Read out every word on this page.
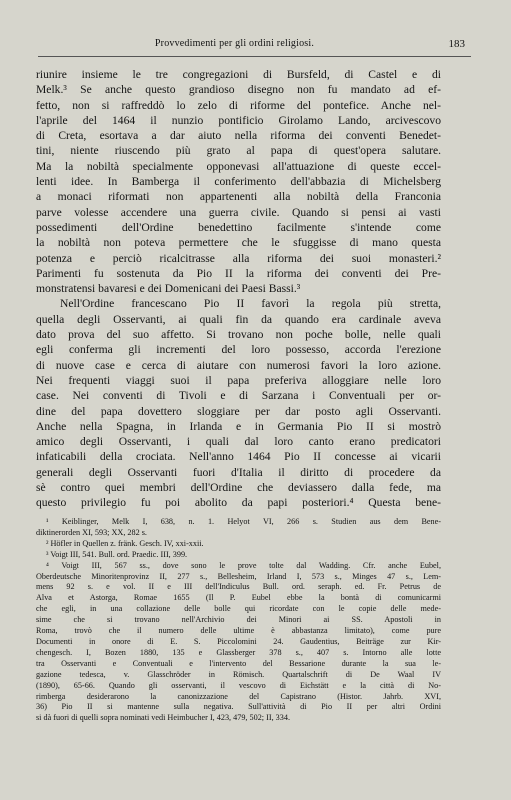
Provvedimenti per gli ordini religiosi.	183
riunire insieme le tre congregazioni di Bursfeld, di Castel e di
Melk.³ Se anche questo grandioso disegno non fu mandato ad ef-
fetto, non si raffreddò lo zelo di riforme del pontefice. Anche nel-
l'aprile del 1464 il nunzio pontificio Girolamo Lando, arcivescovo
di Creta, esortava a dar aiuto nella riforma dei conventi Benedet-
tini, niente riuscendo più grato al papa di quest'opera salutare.
Ma la nobiltà specialmente opponevasi all'attuazione di queste eccel-
lenti idee. In Bamberga il conferimento dell'abbazia di Michelsberg
a monaci riformati non appartenenti alla nobiltà della Franconia
parve volesse accendere una guerra civile. Quando si pensi ai vasti
possedimenti dell'Ordine benedettino facilmente s'intende come
la nobiltà non poteva permettere che le sfuggisse di mano questa
potenza e perciò ricalcitrasse alla riforma dei suoi monasteri.²
Parimenti fu sostenuta da Pio II la riforma dei conventi dei Pre-
monstratensi bavaresi e dei Domenicani dei Paesi Bassi.³
Nell'Ordine francescano Pio II favorì la regola più stretta,
quella degli Osservanti, ai quali fin da quando era cardinale aveva
dato prova del suo affetto. Si trovano non poche bolle, nelle quali
egli conferma gli incrementi del loro possesso, accorda l'erezione
di nuove case e cerca di aiutare con numerosi favori la loro azione.
Nei frequenti viaggi suoi il papa preferiva alloggiare nelle loro
case. Nei conventi di Tivoli e di Sarzana i Conventuali per or-
dine del papa dovettero sloggiare per dar posto agli Osservanti.
Anche nella Spagna, in Irlanda e in Germania Pio II si mostrò
amico degli Osservanti, i quali dal loro canto erano predicatori
infaticabili della crociata. Nell'anno 1464 Pio II concesse ai vicarii
generali degli Osservanti fuori d'Italia il diritto di procedere da
sè contro quei membri dell'Ordine che deviassero dalla fede, ma
questo privilegio fu poi abolito da papi posteriori.⁴ Questa bene-
¹ Keiblinger, Melk I, 638, n. 1. Helyot VI, 266 s. Studien aus dem Bene-
diktinerorden XI, 593; XX, 282 s.
² Höfler in Quellen z. fränk. Gesch. IV, xxi-xxii.
³ Voigt III, 541. Bull. ord. Praedic. III, 399.
⁴ Voigt III, 567 ss., dove sono le prove tolte dal Wadding. Cfr. anche Eubel,
Oberdeutsche Minoritenprovinz II, 277 s., Bellesheim, Irland I, 573 s., Minges 47 s., Lem-
mens 92 s. e vol. II e III dell'Indiculus Bull. ord. seraph. ed. Fr. Petrus de
Alva et Astorga, Romae 1655 (Il P. Eubel ebbe la bontà di comunicarmi
che egli, in una collazione delle bolle qui ricordate con le copie delle mede-
sime che si trovano nell'Archivio dei Minori ai SS. Apostoli in
Roma, trovò che il numero delle ultime è abbastanza limitato), come pure
Documenti in onore di E. S. Piccolomini 24. Gaudentius, Beiträge zur Kir-
chengesch. I, Bozen 1880, 135 e Glassberger 378 s., 407 s. Intorno alle lotte
tra Osservanti e Conventuali e l'intervento del Bessarione durante la sua le-
gazione tedesca, v. Glasschröder in Römisch. Quartalschrift di De Waal IV
(1890), 65-66. Quando gli osservanti, il vescovo di Eichstätt e la città di No-
rimberga desiderarono la canonizzazione del Capistrano (Histor. Jahrb. XVI,
36) Pio II si mantenne sulla negativa. Sull'attività di Pio II per altri Ordini
si dà fuori di quelli sopra nominati vedi Heimbucher I, 423, 479, 502; II, 334.
